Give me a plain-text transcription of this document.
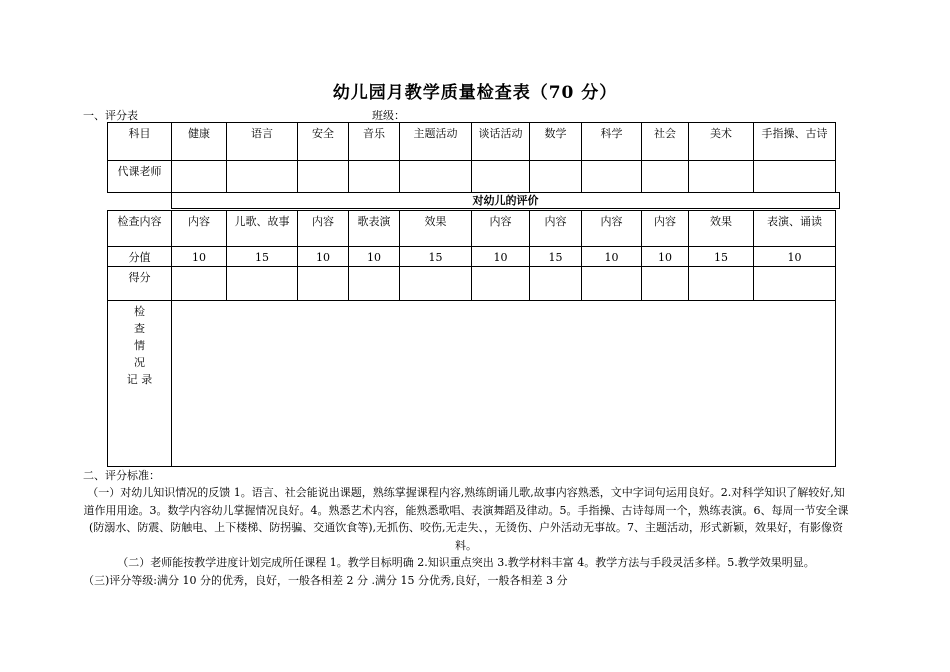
幼儿园月教学质量检查表（70 分）
一、评分表	班级：
科目	健康	语言	安全	音乐	主题活动	谈话活动	数学	科学	社会	美术	手指操、古诗
代课老师											

检查内容	内容	儿歌、故事	内容	歌表演	效果	内容	内容	内容	内容	效果	表演、诵读
分值	10	15	10	10	15	10	15	10	10	15	10
得分											

检
查
情
况
记 录											

对幼儿的评价
二、评分标准：
（一）对幼儿知识情况的反馈 1。语言、社会能说出课题，熟练掌握课程内容,熟练朗诵儿歌,故事内容熟悉，文中字词句运用良好。2.对科学知识了解较好,知道作用用途。3。数学内容幼儿掌握情况良好。4。熟悉艺术内容，能熟悉歌唱、表演舞蹈及律动。5。手指操、古诗每周一个，熟练表演。6、每周一节安全课(防溺水、防震、防触电、上下楼梯、防拐骗、交通饮食等),无抓伤、咬伤,无走失、，无烫伤、户外活动无事故。7、主题活动，形式新颖，效果好，有影像资料。
（二）老师能按教学进度计划完成所任课程 1。教学目标明确 2.知识重点突出 3.教学材料丰富 4。教学方法与手段灵活多样。5.教学效果明显。
（三)评分等级:满分 10 分的优秀，良好，一般各相差 2 分 .满分 15 分优秀,良好，一般各相差 3 分
